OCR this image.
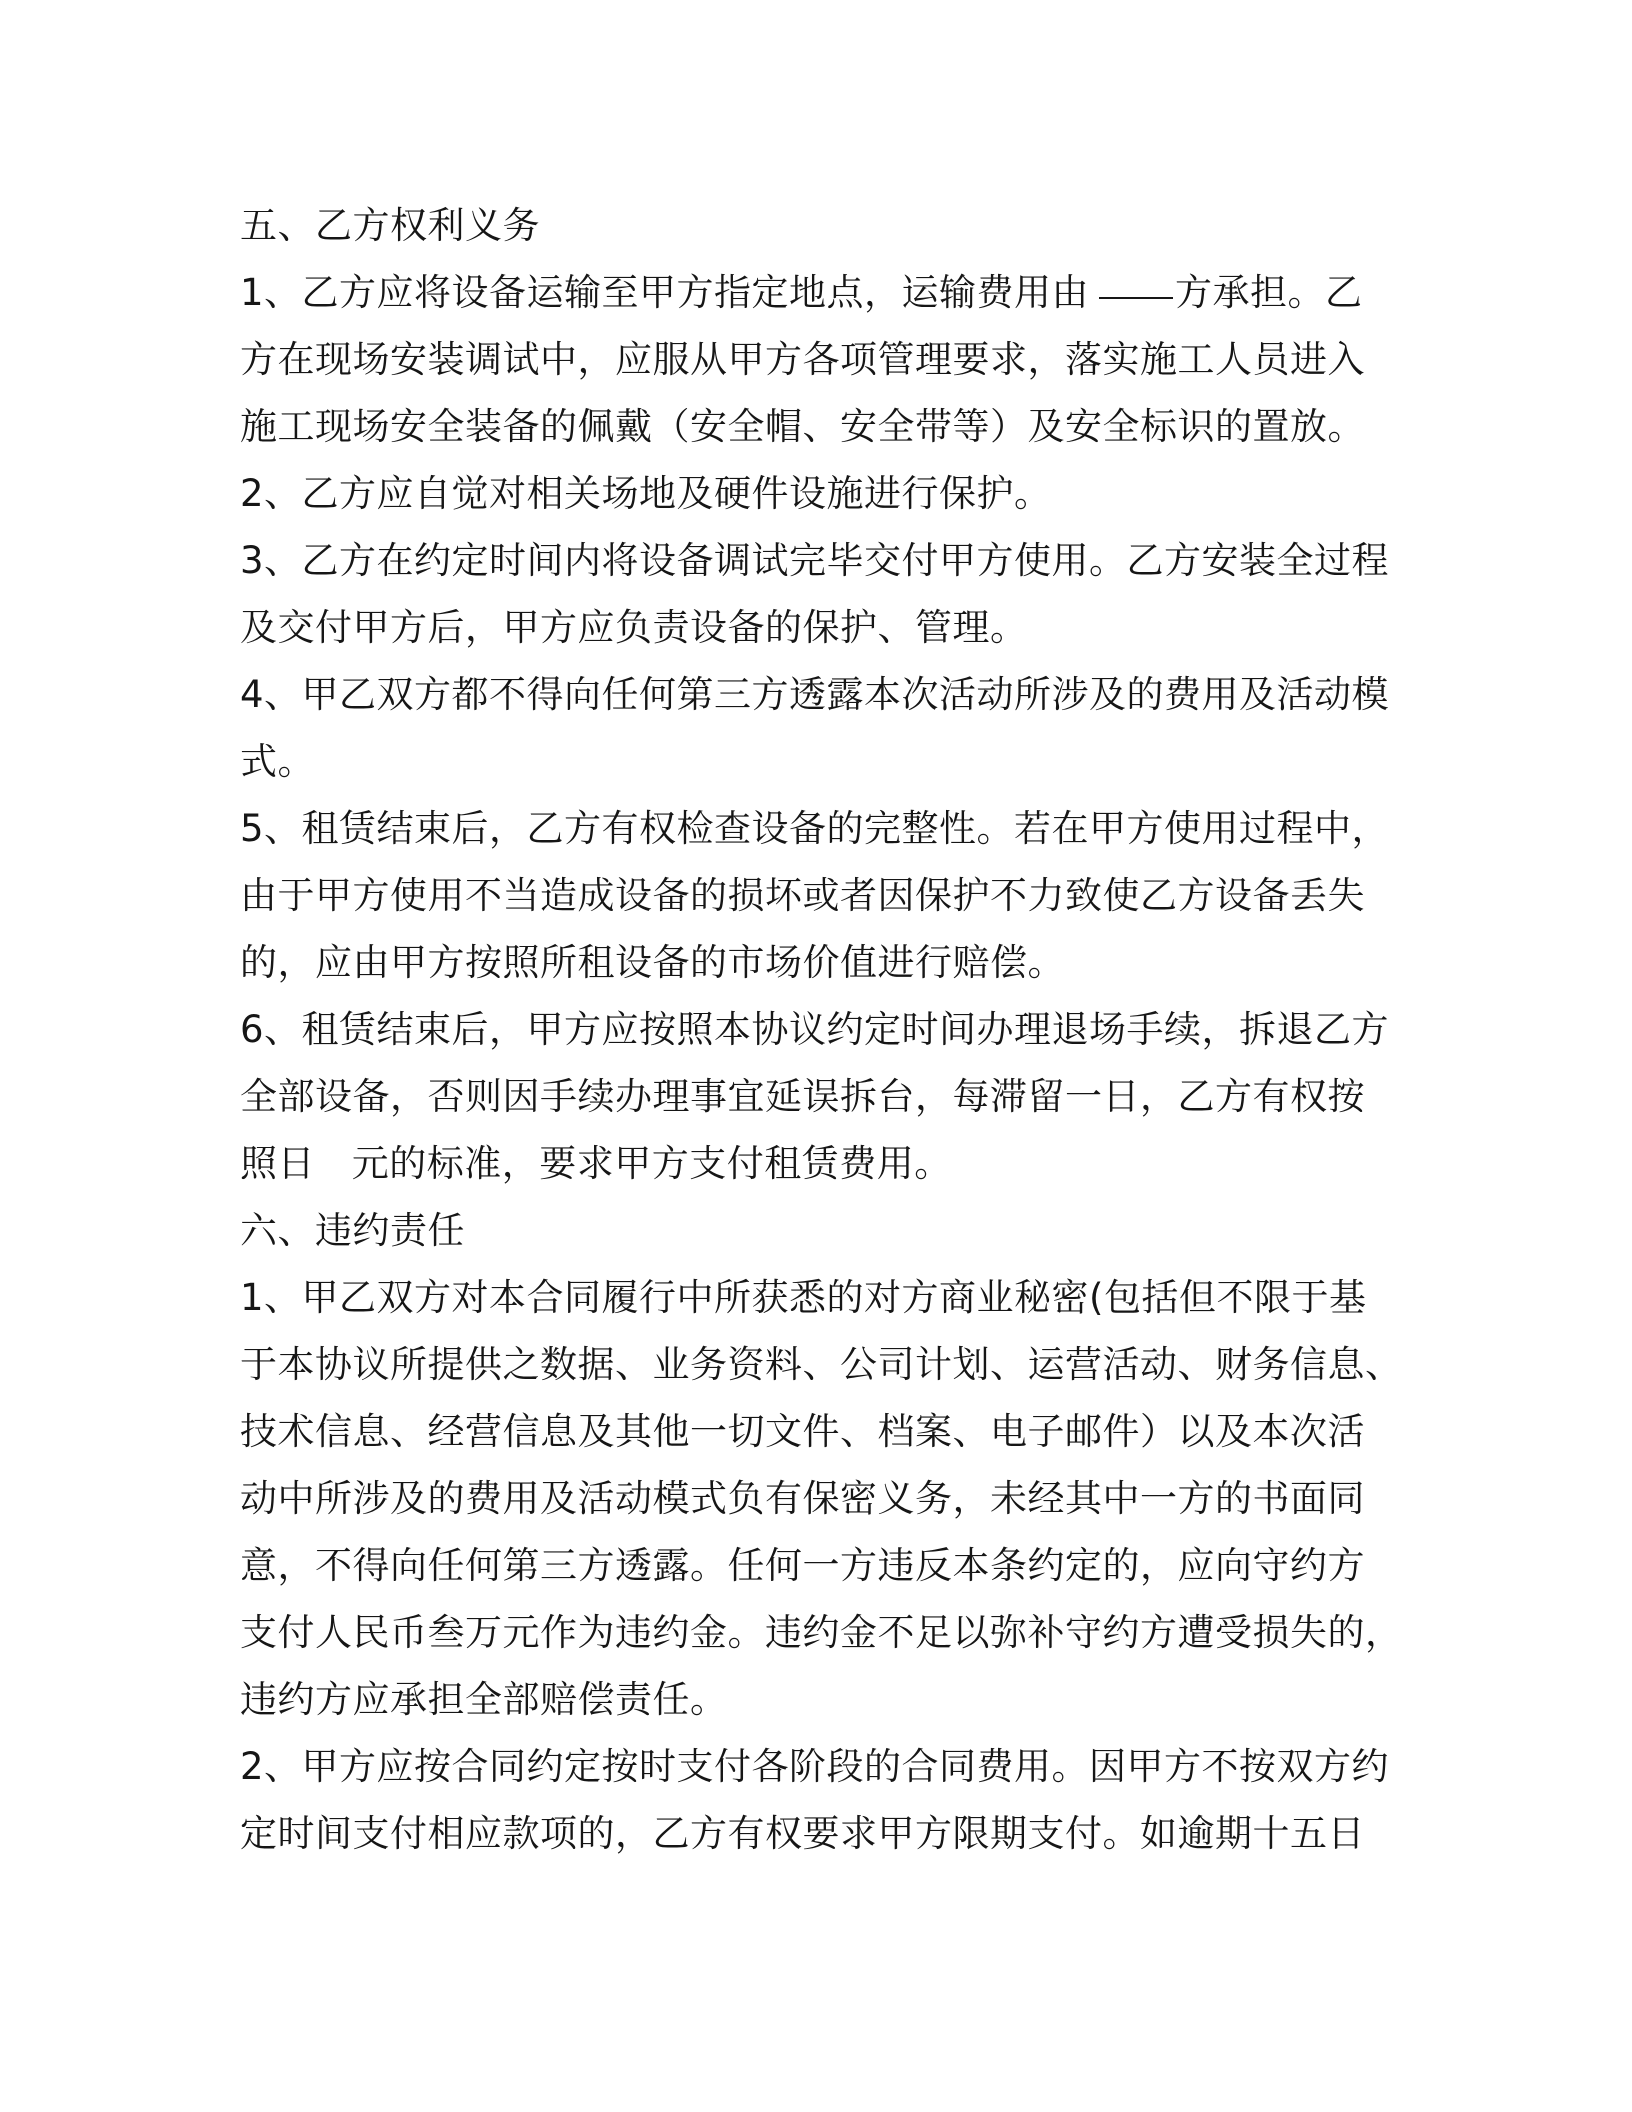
五、乙方权利义务

1、乙方应将设备运输至甲方指定地点，运输费用由 方承担。乙

方在现场安装调试中，应服从甲方各项管理要求，落实施工人员进入

施工现场安全装备的佩戴（安全帽、安全带等）及安全标识的置放。

2、乙方应自觉对相关场地及硬件设施进行保护。

3、乙方在约定时间内将设备调试完毕交付甲方使用。乙方安装全过程

及交付甲方后，甲方应负责设备的保护、管理。

4、甲乙双方都不得向任何第三方透露本次活动所涉及的费用及活动模

式。

5、租赁结束后，乙方有权检查设备的完整性。若在甲方使用过程中，

由于甲方使用不当造成设备的损坏或者因保护不力致使乙方设备丢失

的，应由甲方按照所租设备的市场价值进行赔偿。

6、租赁结束后，甲方应按照本协议约定时间办理退场手续，拆退乙方

全部设备，否则因手续办理事宜延误拆台，每滞留一日，乙方有权按

照日   元的标准，要求甲方支付租赁费用。

六、违约责任

1、甲乙双方对本合同履行中所获悉的对方商业秘密(包括但不限于基

于本协议所提供之数据、业务资料、公司计划、运营活动、财务信息、

技术信息、经营信息及其他一切文件、档案、电子邮件）以及本次活

动中所涉及的费用及活动模式负有保密义务，未经其中一方的书面同

意，不得向任何第三方透露。任何一方违反本条约定的，应向守约方

支付人民币叁万元作为违约金。违约金不足以弥补守约方遭受损失的，

违约方应承担全部赔偿责任。

2、甲方应按合同约定按时支付各阶段的合同费用。因甲方不按双方约

定时间支付相应款项的，乙方有权要求甲方限期支付。如逾期十五日
